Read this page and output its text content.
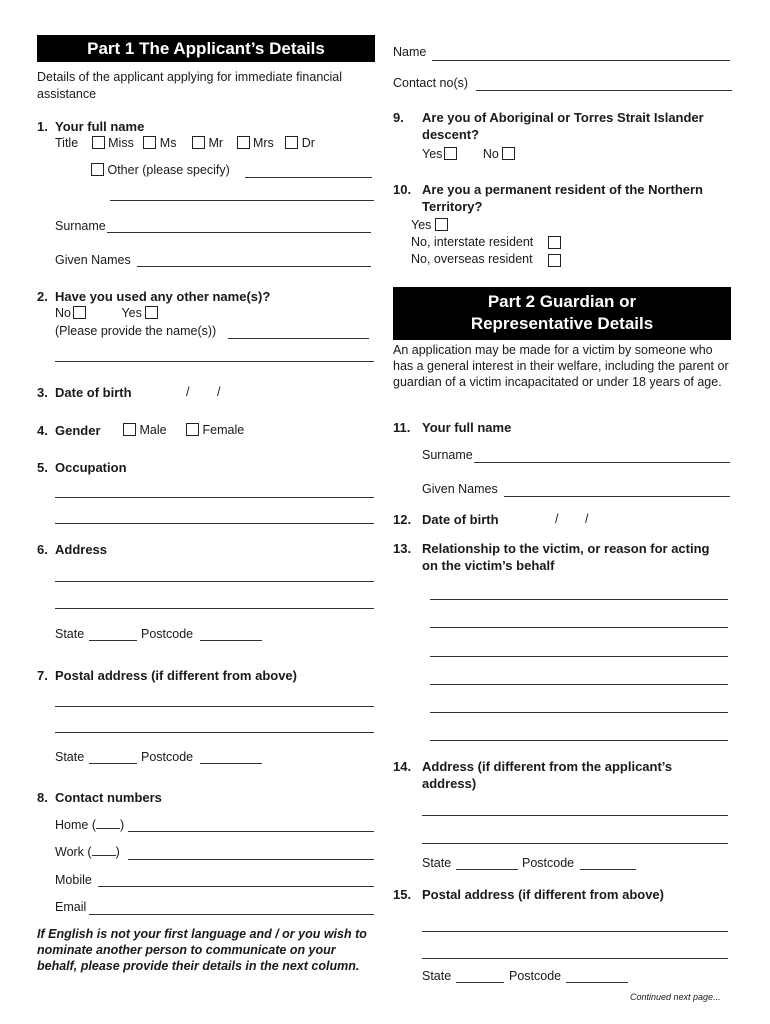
Part 1 The Applicant’s Details
Details of the applicant applying for immediate financial assistance
1. Your full name
Title Miss Ms	Mr Mrs Dr
Other (please specify)
Surname
Given Names
2. Have you used any other name(s)?
No	Yes
(Please provide the name(s))
3. Date of birth	/ /
4. Gender	Male	Female
5. Occupation
6. Address
State	Postcode
7. Postal address (if different from above)
State	Postcode
8. Contact numbers
Home ( )
Work ( )
Mobile
Email
If English is not your first language and / or you wish to nominate another person to communicate on your behalf, please provide their details in the next column.
Name
Contact no(s)
9. Are you of Aboriginal or Torres Strait Islander descent?
Yes	No
10. Are you a permanent resident of the Northern Territory?
Yes
No, interstate resident
No, overseas resident
Part 2 Guardian or
Representative Details
An application may be made for a victim by someone who has a general interest in their welfare, including the parent or guardian of a victim incapacitated or under 18 years of age.
11. Your full name
Surname
Given Names
12. Date of birth	/ /
13. Relationship to the victim, or reason for acting on the victim’s behalf
14. Address (if different from the applicant’s address)
State	Postcode
15. Postal address (if different from above)
State	Postcode
Continued next page...
